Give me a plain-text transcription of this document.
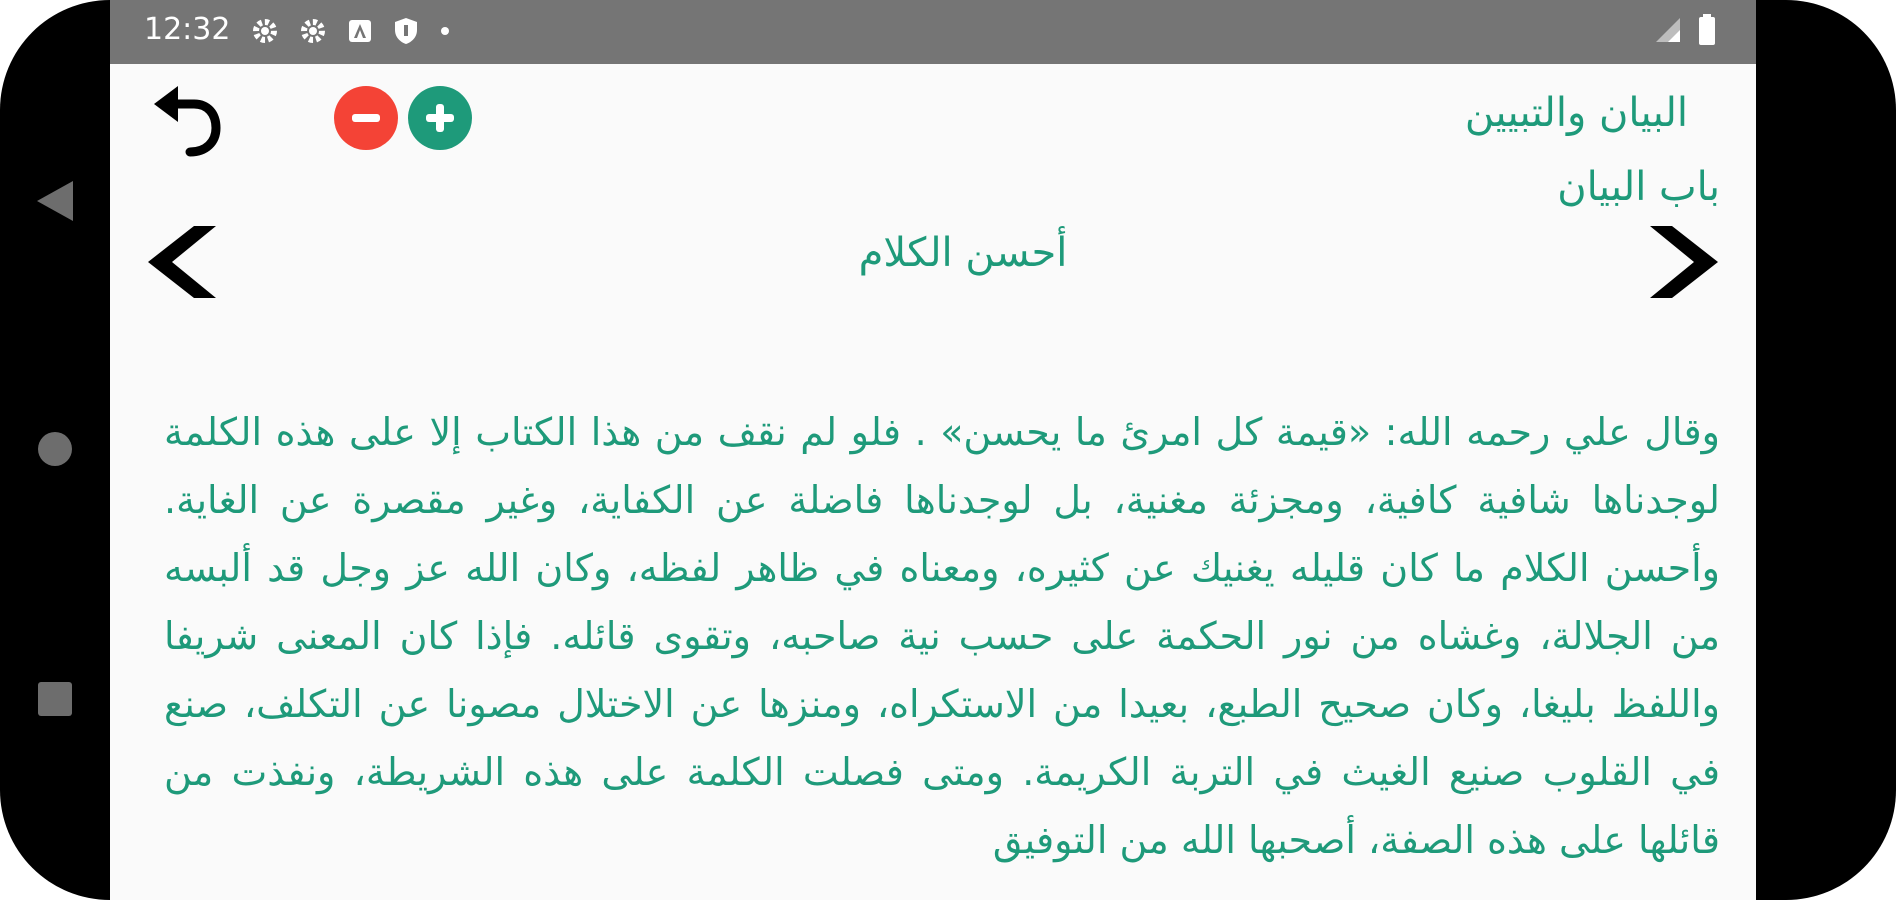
12:32
البيان والتبيين
باب البيان
أحسن الكلام
وقال علي رحمه الله: «قيمة كل امرئ ما يحسن» . فلو لم نقف من هذا الكتاب إلا على هذه الكلمة لوجدناها شافية كافية، ومجزئة مغنية، بل لوجدناها فاضلة عن الكفاية، وغير مقصرة عن الغاية. وأحسن الكلام ما كان قليله يغنيك عن كثيره، ومعناه في ظاهر لفظه، وكان الله عز وجل قد ألبسه من الجلالة، وغشاه من نور الحكمة على حسب نية صاحبه، وتقوى قائله. فإذا كان المعنى شريفا واللفظ بليغا، وكان صحيح الطبع، بعيدا من الاستكراه، ومنزها عن الاختلال مصونا عن التكلف، صنع في القلوب صنيع الغيث في التربة الكريمة. ومتى فصلت الكلمة على هذه الشريطة، ونفذت من قائلها على هذه الصفة، أصحبها الله من التوفيق
